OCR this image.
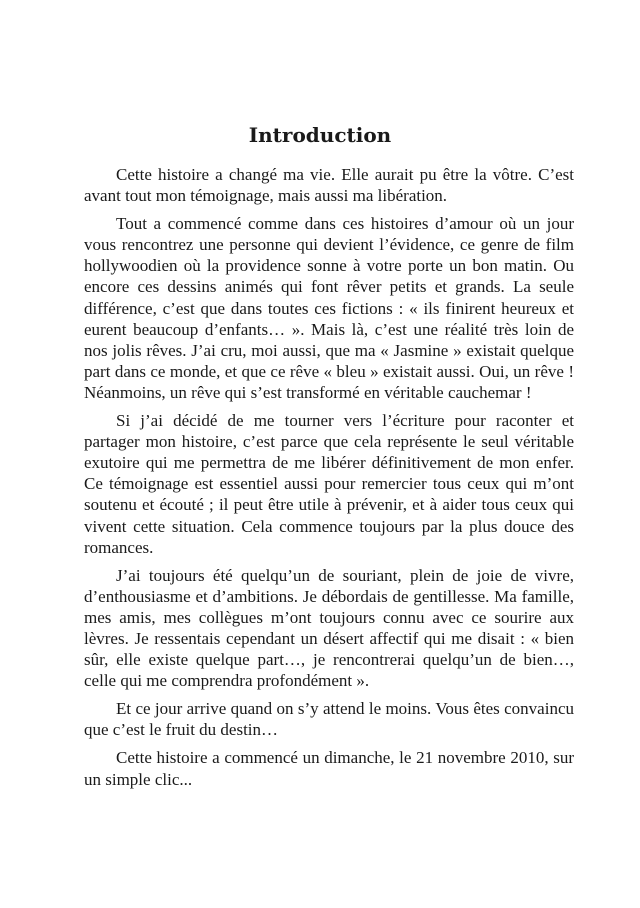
Introduction

Cette histoire a changé ma vie. Elle aurait pu être la vôtre. C’est avant tout mon témoignage, mais aussi ma libération.

Tout a commencé comme dans ces histoires d’amour où un jour vous rencontrez une personne qui devient l’évidence, ce genre de film hollywoodien où la providence sonne à votre porte un bon matin. Ou encore ces dessins animés qui font rêver petits et grands. La seule différence, c’est que dans toutes ces fictions : « ils finirent heureux et eurent beaucoup d’enfants… ». Mais là, c’est une réalité très loin de nos jolis rêves. J’ai cru, moi aussi, que ma « Jasmine » existait quelque part dans ce monde, et que ce rêve « bleu » existait aussi. Oui, un rêve ! Néanmoins, un rêve qui s’est transformé en véritable cauchemar !

Si j’ai décidé de me tourner vers l’écriture pour raconter et partager mon histoire, c’est parce que cela représente le seul véritable exutoire qui me permettra de me libérer définitivement de mon enfer. Ce témoignage est essentiel aussi pour remercier tous ceux qui m’ont soutenu et écouté ; il peut être utile à prévenir, et à aider tous ceux qui vivent cette situation. Cela commence toujours par la plus douce des romances.

J’ai toujours été quelqu’un de souriant, plein de joie de vivre, d’enthousiasme et d’ambitions. Je débordais de gentillesse. Ma famille, mes amis, mes collègues m’ont toujours connu avec ce sourire aux lèvres. Je ressentais cependant un désert affectif qui me disait : « bien sûr, elle existe quelque part…, je rencontrerai quelqu’un de bien…, celle qui me comprendra profondément ».

Et ce jour arrive quand on s’y attend le moins. Vous êtes convaincu que c’est le fruit du destin…

Cette histoire a commencé un dimanche, le 21 novembre 2010, sur un simple clic...
